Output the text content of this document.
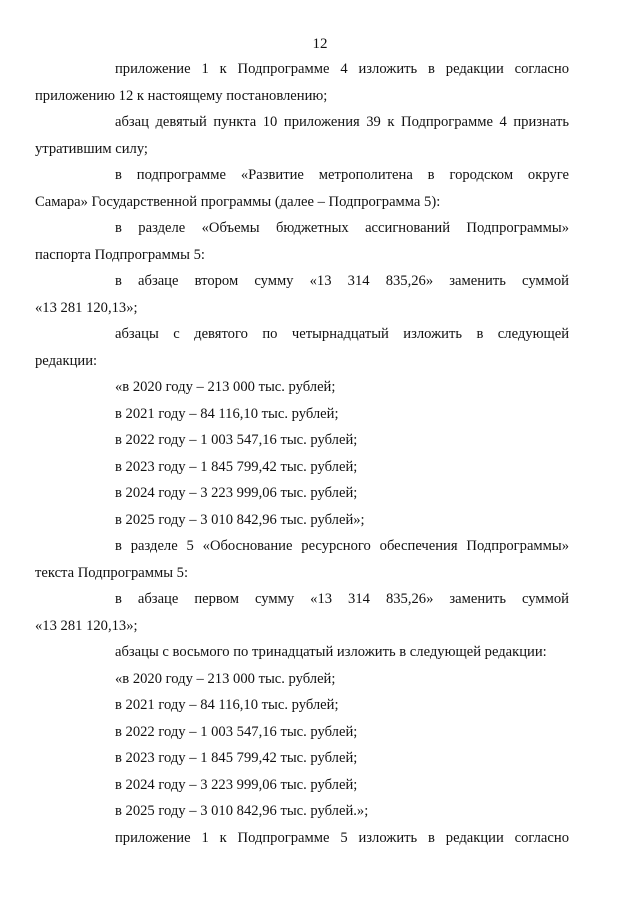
12

приложение 1 к Подпрограмме 4 изложить в редакции согласно
приложению 12 к настоящему постановлению;

абзац девятый пункта 10 приложения 39 к Подпрограмме 4 признать
утратившим силу;

в подпрограмме «Развитие метрополитена в городском округе
Самара» Государственной программы (далее – Подпрограмма 5):

в разделе «Объемы бюджетных ассигнований Подпрограммы»
паспорта Подпрограммы 5:

в абзаце втором сумму «13 314 835,26» заменить суммой
«13 281 120,13»;

абзацы с девятого по четырнадцатый изложить в следующей
редакции:

«в 2020 году – 213 000 тыс. рублей;

в 2021 году – 84 116,10 тыс. рублей;

в 2022 году – 1 003 547,16 тыс. рублей;

в 2023 году – 1 845 799,42 тыс. рублей;

в 2024 году – 3 223 999,06 тыс. рублей;

в 2025 году – 3 010 842,96 тыс. рублей»;

в разделе 5 «Обоснование ресурсного обеспечения Подпрограммы»
текста Подпрограммы 5:

в абзаце первом сумму «13 314 835,26» заменить суммой
«13 281 120,13»;

абзацы с восьмого по тринадцатый изложить в следующей редакции:

«в 2020 году – 213 000 тыс. рублей;

в 2021 году – 84 116,10 тыс. рублей;

в 2022 году – 1 003 547,16 тыс. рублей;

в 2023 году – 1 845 799,42 тыс. рублей;

в 2024 году – 3 223 999,06 тыс. рублей;

в 2025 году – 3 010 842,96 тыс. рублей.»;

приложение 1 к Подпрограмме 5 изложить в редакции согласно
